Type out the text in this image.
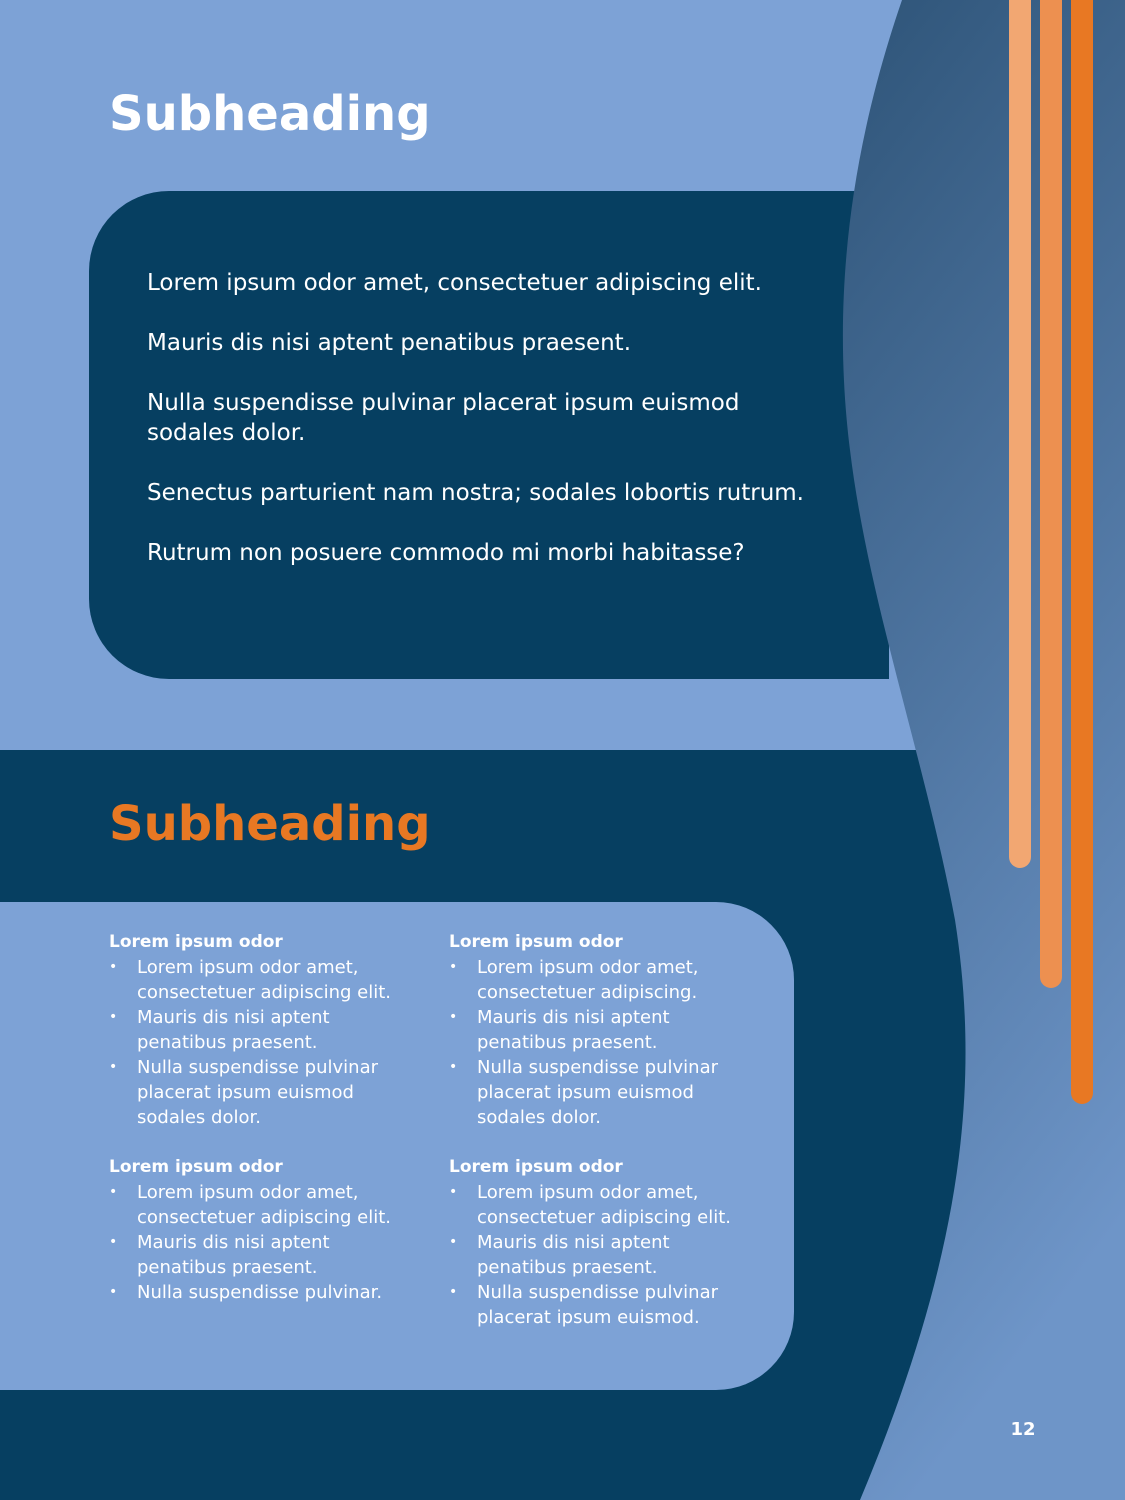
Subheading

Lorem ipsum odor amet, consectetuer adipiscing elit.

Mauris dis nisi aptent penatibus praesent.

Nulla suspendisse pulvinar placerat ipsum euismod sodales dolor.

Senectus parturient nam nostra; sodales lobortis rutrum.

Rutrum non posuere commodo mi morbi habitasse?

Subheading
Lorem ipsum odor
• Lorem ipsum odor amet, consectetuer adipiscing elit.
• Mauris dis nisi aptent penatibus praesent.
• Nulla suspendisse pulvinar placerat ipsum euismod sodales dolor.
Lorem ipsum odor
• Lorem ipsum odor amet, consectetuer adipiscing elit.
• Mauris dis nisi aptent penatibus praesent.
• Nulla suspendisse pulvinar.
Lorem ipsum odor
• Lorem ipsum odor amet, consectetuer adipiscing.
• Mauris dis nisi aptent penatibus praesent.
• Nulla suspendisse pulvinar placerat ipsum euismod sodales dolor.
Lorem ipsum odor
• Lorem ipsum odor amet, consectetuer adipiscing elit.
• Mauris dis nisi aptent penatibus praesent.
• Nulla suspendisse pulvinar placerat ipsum euismod.
12
